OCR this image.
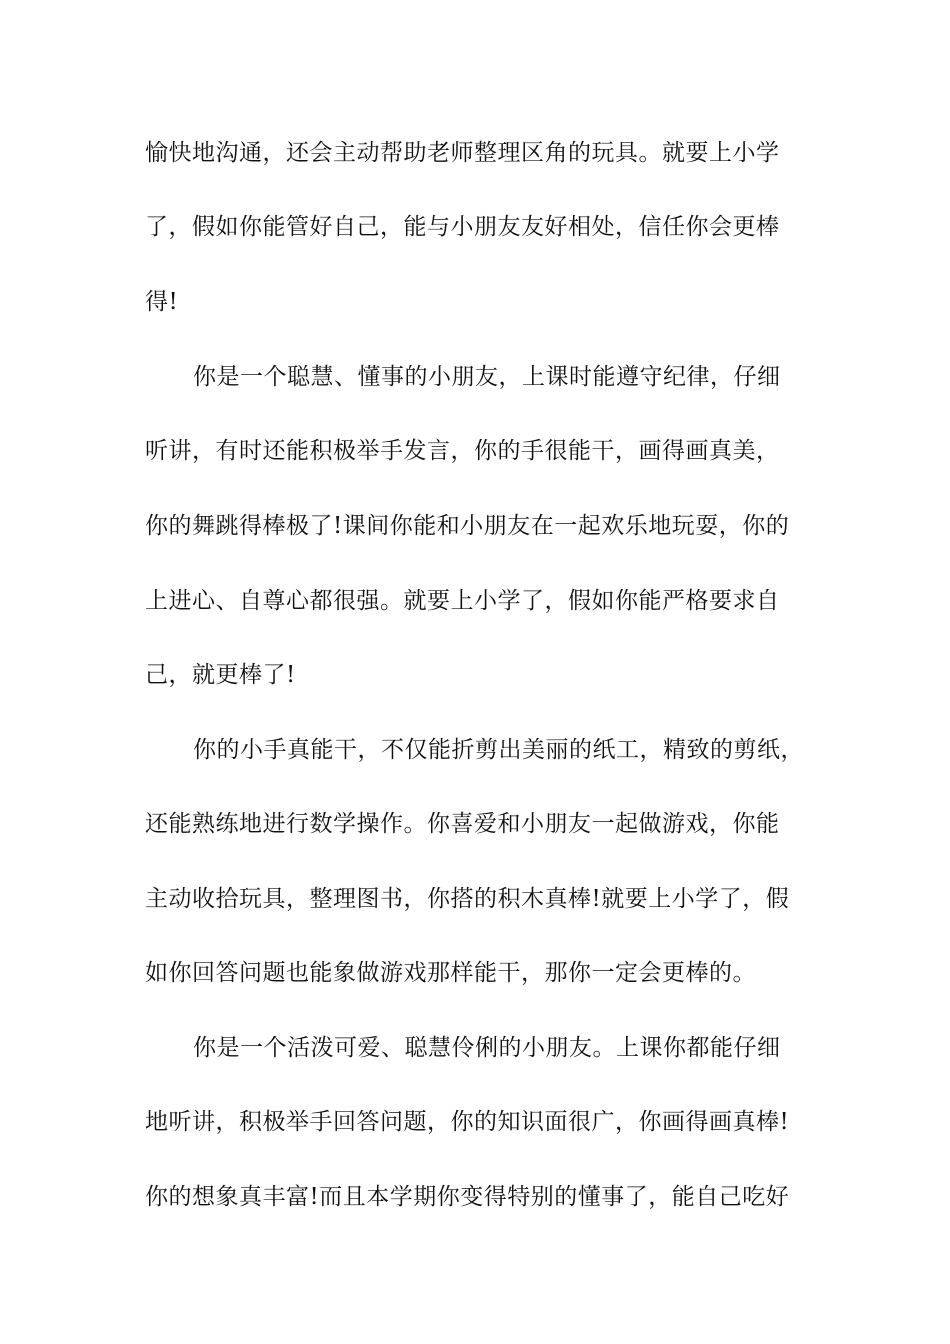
愉快地沟通，还会主动帮助老师整理区角的玩具。就要上小学
了，假如你能管好自己，能与小朋友友好相处，信任你会更棒
得!
你是一个聪慧、懂事的小朋友，上课时能遵守纪律，仔细
听讲，有时还能积极举手发言，你的手很能干，画得画真美，
你的舞跳得棒极了!课间你能和小朋友在一起欢乐地玩耍，你的
上进心、自尊心都很强。就要上小学了，假如你能严格要求自
己，就更棒了!
你的小手真能干，不仅能折剪出美丽的纸工，精致的剪纸，
还能熟练地进行数学操作。你喜爱和小朋友一起做游戏，你能
主动收拾玩具，整理图书，你搭的积木真棒!就要上小学了，假
如你回答问题也能象做游戏那样能干，那你一定会更棒的。
你是一个活泼可爱、聪慧伶俐的小朋友。上课你都能仔细
地听讲，积极举手回答问题，你的知识面很广，你画得画真棒!
你的想象真丰富!而且本学期你变得特别的懂事了，能自己吃好
